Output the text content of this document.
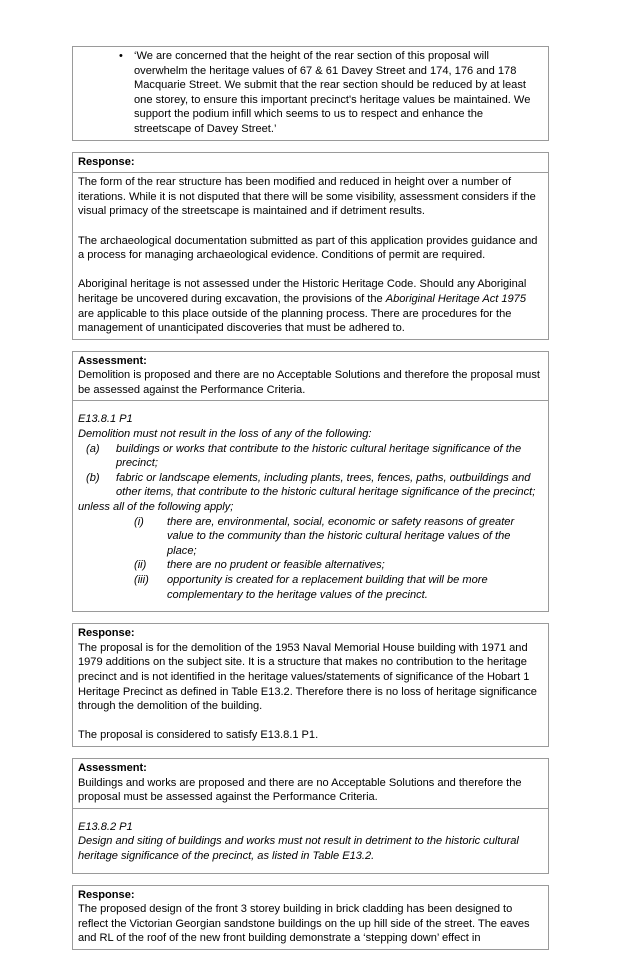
• ‘We are concerned that the height of the rear section of this proposal will overwhelm the heritage values of 67 & 61 Davey Street and 174, 176 and 178 Macquarie Street. We submit that the rear section should be reduced by at least one storey, to ensure this important precinct's heritage values be maintained. We support the podium infill which seems to us to respect and enhance the streetscape of Davey Street.’

Response:

The form of the rear structure has been modified and reduced in height over a number of iterations. While it is not disputed that there will be some visibility, assessment considers if the visual primacy of the streetscape is maintained and if detriment results.

The archaeological documentation submitted as part of this application provides guidance and a process for managing archaeological evidence. Conditions of permit are required.

Aboriginal heritage is not assessed under the Historic Heritage Code. Should any Aboriginal heritage be uncovered during excavation, the provisions of the Aboriginal Heritage Act 1975 are applicable to this place outside of the planning process. There are procedures for the management of unanticipated discoveries that must be adhered to.

Assessment:

Demolition is proposed and there are no Acceptable Solutions and therefore the proposal must be assessed against the Performance Criteria.

E13.8.1 P1

Demolition must not result in the loss of any of the following:

(a)	buildings or works that contribute to the historic cultural heritage significance of the precinct;
(b)	fabric or landscape elements, including plants, trees, fences, paths, outbuildings and other items, that contribute to the historic cultural heritage significance of the precinct;

unless all of the following apply;

(i)	there are, environmental, social, economic or safety reasons of greater value to the community than the historic cultural heritage values of the place;
(ii)	there are no prudent or feasible alternatives;
(iii)	opportunity is created for a replacement building that will be more complementary to the heritage values of the precinct.

Response:

The proposal is for the demolition of the 1953 Naval Memorial House building with 1971 and 1979 additions on the subject site. It is a structure that makes no contribution to the heritage precinct and is not identified in the heritage values/statements of significance of the Hobart 1 Heritage Precinct as defined in Table E13.2. Therefore there is no loss of heritage significance through the demolition of the building.

The proposal is considered to satisfy E13.8.1 P1.

Assessment:

Buildings and works are proposed and there are no Acceptable Solutions and therefore the proposal must be assessed against the Performance Criteria.

E13.8.2 P1

Design and siting of buildings and works must not result in detriment to the historic cultural heritage significance of the precinct, as listed in Table E13.2.

Response:

The proposed design of the front 3 storey building in brick cladding has been designed to reflect the Victorian Georgian sandstone buildings on the up hill side of the street. The eaves and RL of the roof of the new front building demonstrate a ‘stepping down’ effect in
